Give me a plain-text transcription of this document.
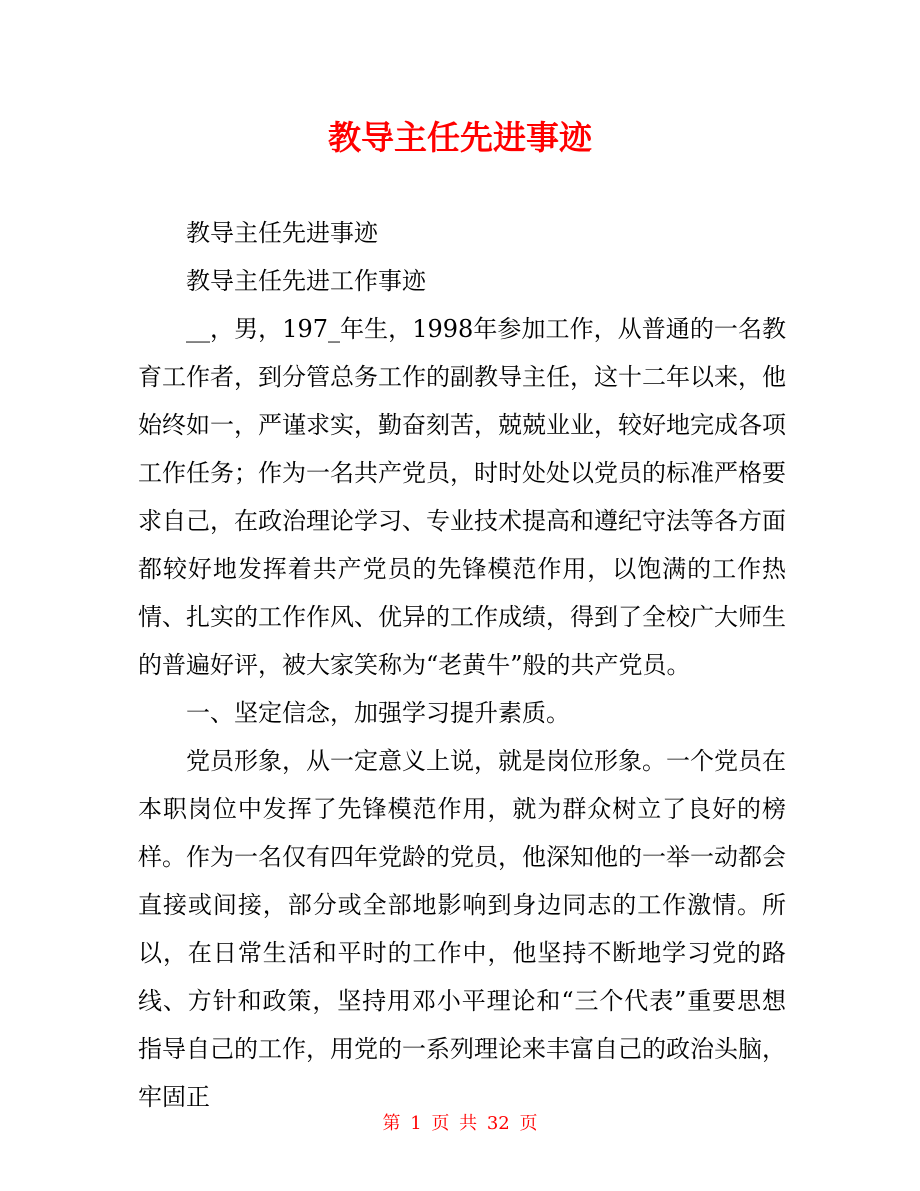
教导主任先进事迹

教导主任先进事迹

教导主任先进工作事迹

__，男，197_年生，1998年参加工作，从普通的一名教育工作者，到分管总务工作的副教导主任，这十二年以来，他始终如一，严谨求实，勤奋刻苦，兢兢业业，较好地完成各项工作任务；作为一名共产党员，时时处处以党员的标准严格要求自己，在政治理论学习、专业技术提高和遵纪守法等各方面都较好地发挥着共产党员的先锋模范作用，以饱满的工作热情、扎实的工作作风、优异的工作成绩，得到了全校广大师生的普遍好评，被大家笑称为“老黄牛”般的共产党员。

一、坚定信念，加强学习提升素质。

党员形象，从一定意义上说，就是岗位形象。一个党员在本职岗位中发挥了先锋模范作用，就为群众树立了良好的榜样。作为一名仅有四年党龄的党员，他深知他的一举一动都会直接或间接，部分或全部地影响到身边同志的工作激情。所以，在日常生活和平时的工作中，他坚持不断地学习党的路线、方针和政策，坚持用邓小平理论和“三个代表”重要思想指导自己的工作，用党的一系列理论来丰富自己的政治头脑，牢固正

第 1 页 共 32 页
